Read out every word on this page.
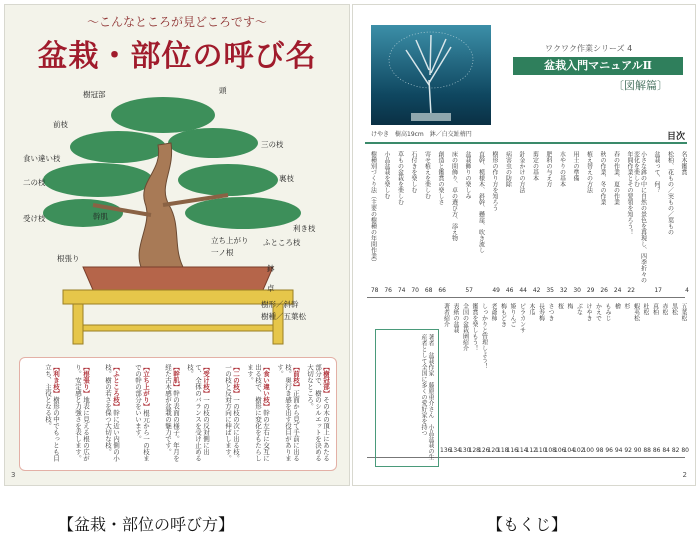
〜こんなところが見どころです〜
盆栽・部位の呼び名
樹冠部	頭
前枝
食い違い枝
三の枝
二の枝	裏枝
受け枝	幹肌
利き枝
立ち上がり ふところ枝
一ノ根
根張り
鉢
卓
樹形／斜幹
樹種／五葉松
【樹冠部】その木の頂上にあたる部分で、樹のシルエットを決める大切なところ。
【前枝】正面から見て手前に出る枝。奥行き感を出す役目があります。
【食い違い枝】幹の左右に交互に出る枝で、樹形に変化をもたらします。
【二の枝】一の枝の次に出る枝。一の枝と反対方向に伸ばします。
【受け枝】一の枝の反対側に出て、全体のバランスを受け止める枝。
【幹肌】幹の表面の様子。年月を経た古木感が盆栽の魅力です。
【立ち上がり】根元から一の枝までの幹の部分をいいます。
【ふところ枝】幹に近い内側の小枝。樹の若さを保つ大切な枝。
【根張り】地表に見える根の広がり。安定感と力強さを表します。
【利き枝】樹形の中でもっとも目立ち、主役となる枝。
3
けやき　樹高19cm　鉢／白交趾楕円
ワクワク作業シリーズ 4
盆栽入門マニュアルⅡ
〔図解篇〕
目次
名木鑑賞
4
松柏、花もの／実もの／葉もの
盆栽って、何？
17
小さな鉢の中に自然の景色を再現し、四季折々の変化を楽しむ
年間作業とその要領を知ろう！
22
春の作業、夏の作業
24
秋の作業、冬の作業
26
植え替えの方法
29
用土の準備
30
水やりの基本
32
肥料の与え方
35
剪定の基本
42
針金かけの方法
44
病害虫の防除
46
樹形の作り方を知ろう
49
直幹、模様木、斜幹、懸崖、吹き流し
盆栽飾りの楽しみ
57
床の間飾り、卓の選び方、添え物
創造と鑑賞の楽しさ
66
寄せ植えを楽しむ
68
石付きを楽しむ
70
草もの盆栽を楽しむ
74
小品盆栽を楽しむ
76
樹種別づくり法（主要の樹種の年間作業）
78
五葉松
80
黒松
82
赤松
84
真柏
86
杜松
88
蝦夷松
90
杉
92
檜
94
もみじ
96
かえで
98
けやき
100
ぶな
102
梅
104
桜
106
さつき
108
長寿梅
110
木瓜
112
ピラカンサ
114
姫りんご
116
梅もどき
118
老爺柿
120
しっかりと管理しよう！
126
鑑賞を楽しもう！
128
全国の盆栽園紹介
130
表紙の盆栽
134
著者紹介
136
著者　盆栽作家　藤原重介さん　小品盆栽の生産者として全国に多くの愛好家を持つ
2
【盆栽・部位の呼び方】	【もくじ】
